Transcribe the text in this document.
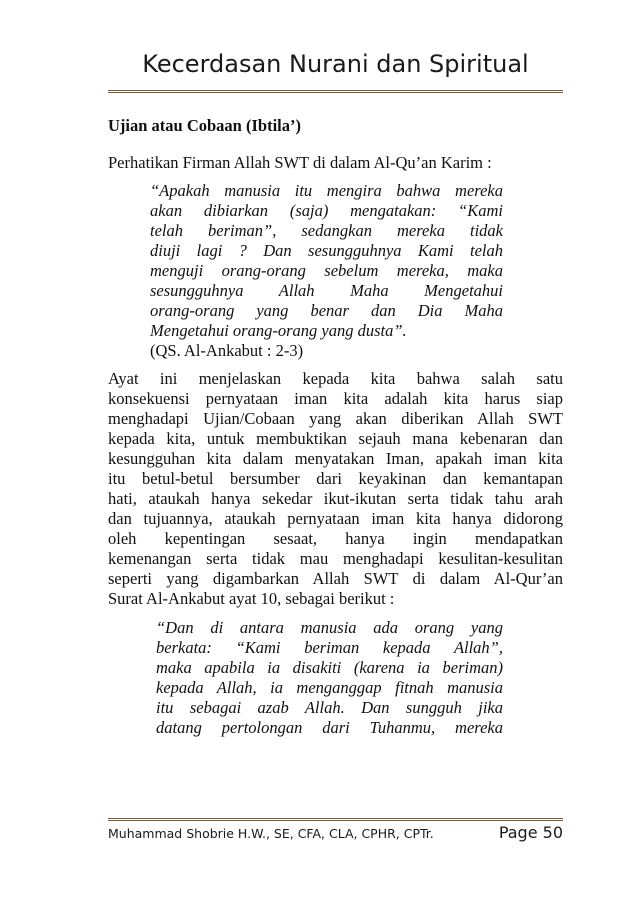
Kecerdasan Nurani dan Spiritual

Ujian atau Cobaan (Ibtila’)

Perhatikan Firman Allah SWT di dalam Al-Qu’an Karim :

“Apakah manusia itu mengira bahwa mereka
akan dibiarkan (saja) mengatakan: “Kami
telah beriman”, sedangkan mereka tidak
diuji lagi ? Dan sesungguhnya Kami telah
menguji orang-orang sebelum mereka, maka
sesungguhnya Allah Maha Mengetahui
orang-orang yang benar dan Dia Maha
Mengetahui orang-orang yang dusta”.

(QS. Al-Ankabut : 2-3)

Ayat ini menjelaskan kepada kita bahwa salah satu
konsekuensi pernyataan iman kita adalah kita harus siap
menghadapi Ujian/Cobaan yang akan diberikan Allah SWT
kepada kita, untuk membuktikan sejauh mana kebenaran dan
kesungguhan kita dalam menyatakan Iman, apakah iman kita
itu betul-betul bersumber dari keyakinan dan kemantapan
hati, ataukah hanya sekedar ikut-ikutan serta tidak tahu arah
dan tujuannya, ataukah pernyataan iman kita hanya didorong
oleh kepentingan sesaat, hanya ingin mendapatkan
kemenangan serta tidak mau menghadapi kesulitan-kesulitan
seperti yang digambarkan Allah SWT di dalam Al-Qur’an
Surat Al-Ankabut ayat 10, sebagai berikut :
“Dan di antara manusia ada orang yang
berkata: “Kami beriman kepada Allah”,
maka apabila ia disakiti (karena ia beriman)
kepada Allah, ia menganggap fitnah manusia
itu sebagai azab Allah. Dan sungguh jika
datang pertolongan dari Tuhanmu, mereka
Muhammad Shobrie H.W., SE, CFA, CLA, CPHR, CPTr.	Page 50
